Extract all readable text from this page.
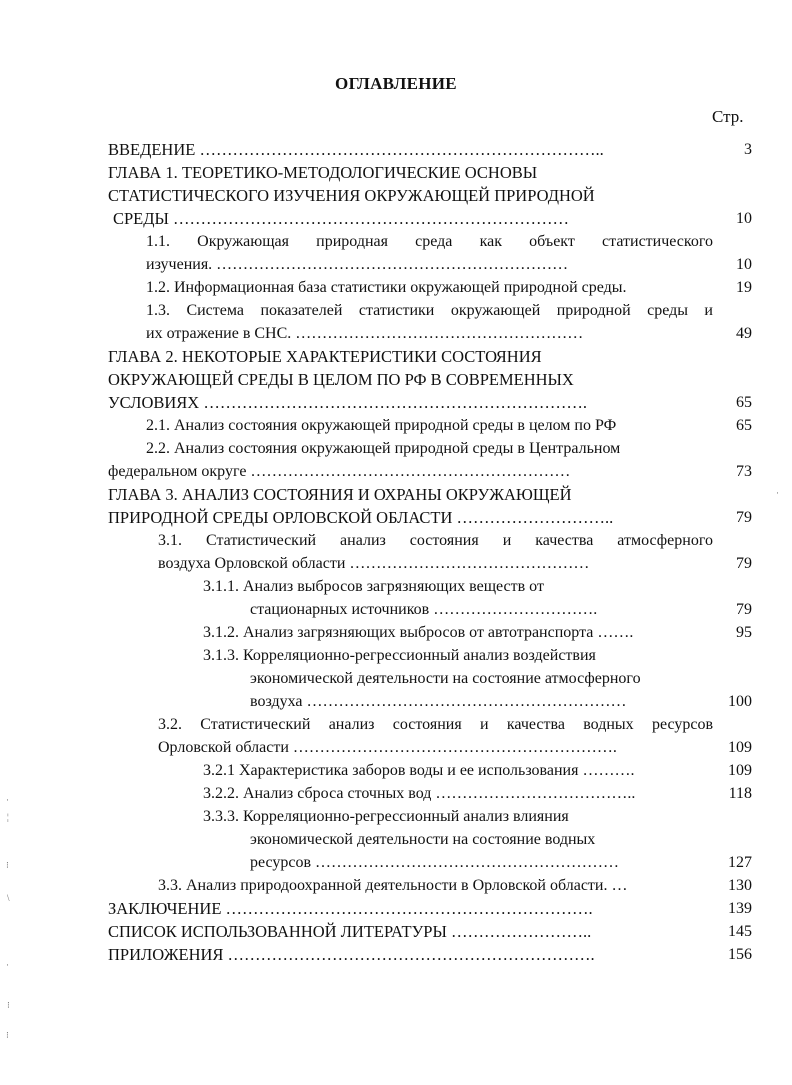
ОГЛАВЛЕНИЕ
Стр.
ВВЕДЕНИЕ ………………………………………………………………..	3
ГЛАВА 1. ТЕОРЕТИКО-МЕТОДОЛОГИЧЕСКИЕ ОСНОВЫ
СТАТИСТИЧЕСКОГО ИЗУЧЕНИЯ ОКРУЖАЮЩЕЙ ПРИРОДНОЙ
СРЕДЫ ………………………………………………………………	10
1.1. Окружающая природная среда как объект статистического
изучения. …………………………………………………………	10
1.2. Информационная база статистики окружающей природной среды.	19
1.3. Система показателей статистики окружающей природной среды и
их отражение в СНС. ………………………………………………	49
ГЛАВА 2. НЕКОТОРЫЕ ХАРАКТЕРИСТИКИ СОСТОЯНИЯ
ОКРУЖАЮЩЕЙ СРЕДЫ В ЦЕЛОМ ПО РФ В СОВРЕМЕННЫХ
УСЛОВИЯХ …………………………………………………………….	65
2.1. Анализ состояния окружающей природной среды в целом по РФ	65
2.2. Анализ состояния окружающей природной среды в Центральном
федеральном округе ……………………………………………………	73
ГЛАВА 3. АНАЛИЗ СОСТОЯНИЯ И ОХРАНЫ ОКРУЖАЮЩЕЙ
ПРИРОДНОЙ СРЕДЫ ОРЛОВСКОЙ ОБЛАСТИ ………………………..	79
3.1. Статистический анализ состояния и качества атмосферного
воздуха Орловской области ………………………………………	79
3.1.1. Анализ выбросов загрязняющих веществ от
стационарных источников ………………………….	79
3.1.2. Анализ загрязняющих выбросов от автотранспорта …….	95
3.1.3. Корреляционно-регрессионный анализ воздействия
экономической деятельности на состояние атмосферного
воздуха ……………………………………………………	100
3.2. Статистический анализ состояния и качества водных ресурсов
Орловской области …………………………………………………….	109
3.2.1 Характеристика заборов воды и ее использования ……….	109
3.2.2. Анализ сброса сточных вод ………………………………..	118
3.3.3. Корреляционно-регрессионный анализ влияния
экономической деятельности на состояние водных
ресурсов …………………………………………………	127
3.3. Анализ природоохранной деятельности в Орловской области. …	130
ЗАКЛЮЧЕНИЕ ………………………………………………………….	139
СПИСОК ИСПОЛЬЗОВАННОЙ ЛИТЕРАТУРЫ ……………………..	145
ПРИЛОЖЕНИЯ ………………………………………………………….	156
·
¦
⁝
\
·
⁝
⁝
·
